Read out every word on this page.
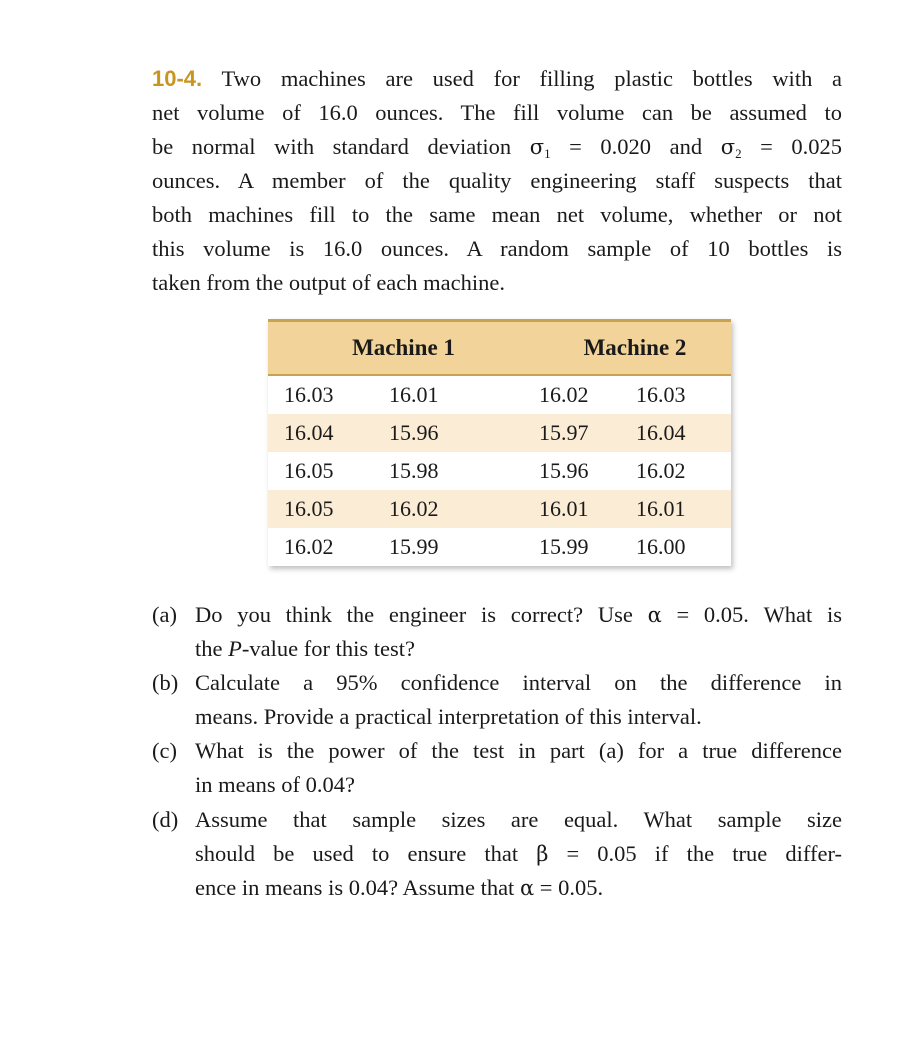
10-4. Two machines are used for filling plastic bottles with a
net volume of 16.0 ounces. The fill volume can be assumed to
be normal with standard deviation $\sigma_1 = 0.020$ and $\sigma_2 = 0.025$
ounces. A member of the quality engineering staff suspects that
both machines fill to the same mean net volume, whether or not
this volume is 16.0 ounces. A random sample of 10 bottles is
taken from the output of each machine.
Machine 1		Machine 2	
16.03	16.01	16.02	16.03
16.04	15.96	15.97	16.04
16.05	15.98	15.96	16.02
16.05	16.02	16.01	16.01
16.02	15.99	15.99	16.00
(a) Do you think the engineer is correct? Use α = 0.05. What is
the P-value for this test?
(b) Calculate a 95% confidence interval on the difference in
means. Provide a practical interpretation of this interval.
(c) What is the power of the test in part (a) for a true difference
in means of 0.04?
(d) Assume that sample sizes are equal. What sample size
should be used to ensure that β = 0.05 if the true differ-
ence in means is 0.04? Assume that α = 0.05.
